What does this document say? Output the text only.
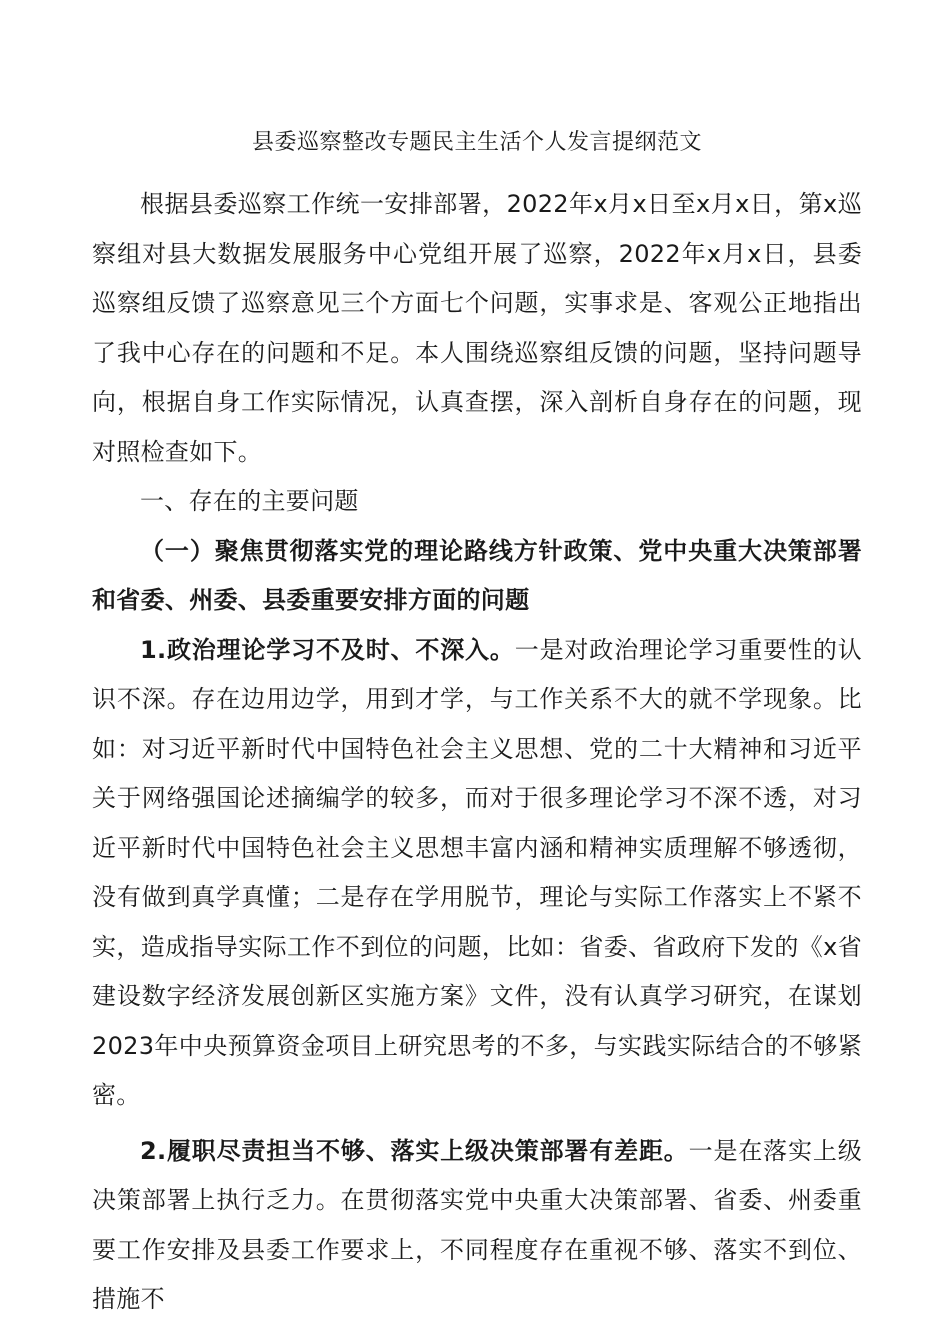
县委巡察整改专题民主生活个人发言提纲范文

根据县委巡察工作统一安排部署，2022年x月x日至x月x日，第x巡察组对县大数据发展服务中心党组开展了巡察，2022年x月x日，县委巡察组反馈了巡察意见三个方面七个问题，实事求是、客观公正地指出了我中心存在的问题和不足。本人围绕巡察组反馈的问题，坚持问题导向，根据自身工作实际情况，认真查摆，深入剖析自身存在的问题，现对照检查如下。

一、存在的主要问题

（一）聚焦贯彻落实党的理论路线方针政策、党中央重大决策部署和省委、州委、县委重要安排方面的问题

1.政治理论学习不及时、不深入。一是对政治理论学习重要性的认识不深。存在边用边学，用到才学，与工作关系不大的就不学现象。比如：对习近平新时代中国特色社会主义思想、党的二十大精神和习近平关于网络强国论述摘编学的较多，而对于很多理论学习不深不透，对习近平新时代中国特色社会主义思想丰富内涵和精神实质理解不够透彻，没有做到真学真懂；二是存在学用脱节，理论与实际工作落实上不紧不实，造成指导实际工作不到位的问题，比如：省委、省政府下发的《x省建设数字经济发展创新区实施方案》文件，没有认真学习研究，在谋划2023年中央预算资金项目上研究思考的不多，与实践实际结合的不够紧密。

2.履职尽责担当不够、落实上级决策部署有差距。一是在落实上级决策部署上执行乏力。在贯彻落实党中央重大决策部署、省委、州委重要工作安排及县委工作要求上，不同程度存在重视不够、落实不到位、措施不
